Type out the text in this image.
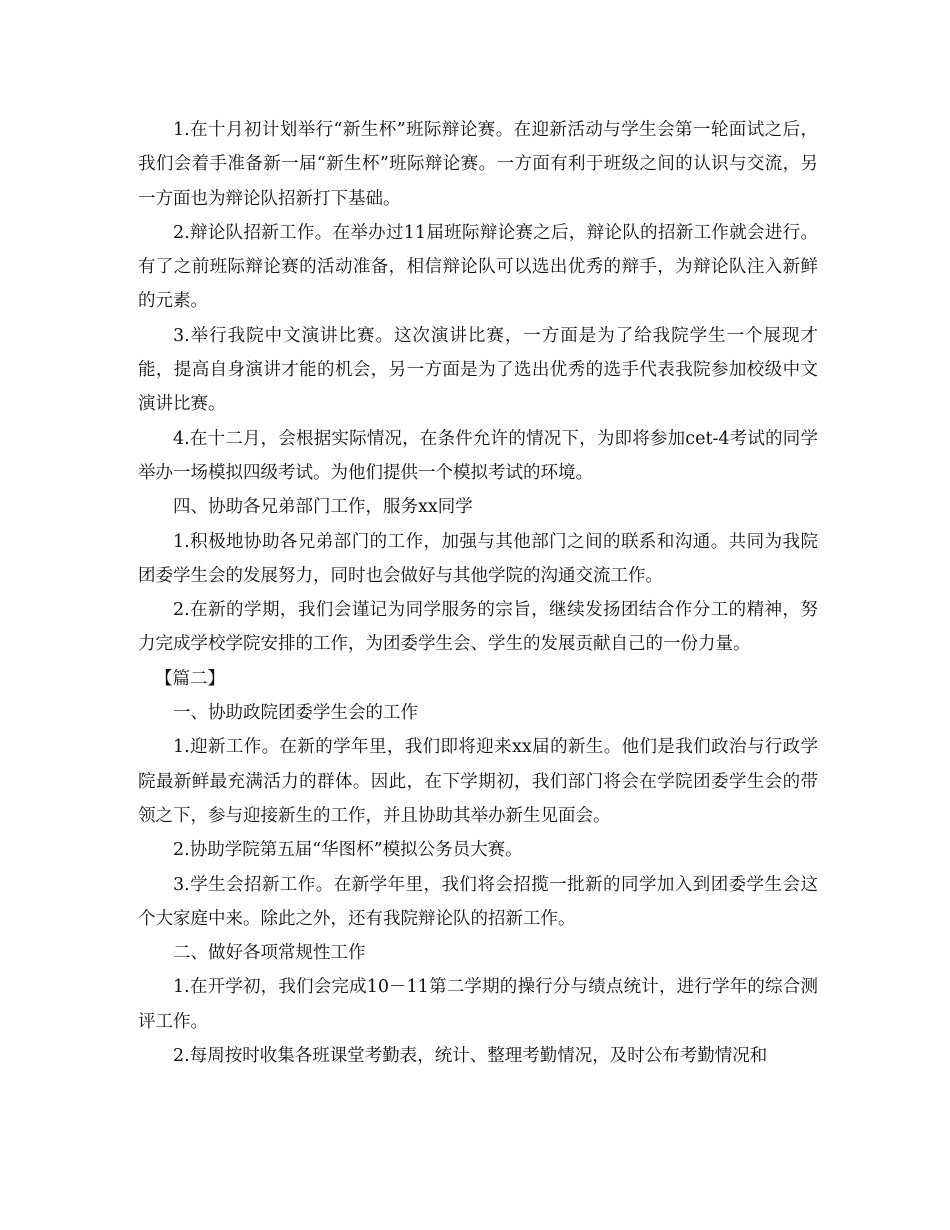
1.在十月初计划举行“新生杯”班际辩论赛。在迎新活动与学生会第一轮面试之后，我们会着手准备新一届“新生杯”班际辩论赛。一方面有利于班级之间的认识与交流，另一方面也为辩论队招新打下基础。

2.辩论队招新工作。在举办过11届班际辩论赛之后，辩论队的招新工作就会进行。有了之前班际辩论赛的活动准备，相信辩论队可以选出优秀的辩手，为辩论队注入新鲜的元素。

3.举行我院中文演讲比赛。这次演讲比赛，一方面是为了给我院学生一个展现才能，提高自身演讲才能的机会，另一方面是为了选出优秀的选手代表我院参加校级中文演讲比赛。

4.在十二月，会根据实际情况，在条件允许的情况下，为即将参加cet-4考试的同学举办一场模拟四级考试。为他们提供一个模拟考试的环境。

四、协助各兄弟部门工作，服务xx同学

1.积极地协助各兄弟部门的工作，加强与其他部门之间的联系和沟通。共同为我院团委学生会的发展努力，同时也会做好与其他学院的沟通交流工作。

2.在新的学期，我们会谨记为同学服务的宗旨，继续发扬团结合作分工的精神，努力完成学校学院安排的工作，为团委学生会、学生的发展贡献自己的一份力量。

【篇二】

一、协助政院团委学生会的工作

1.迎新工作。在新的学年里，我们即将迎来xx届的新生。他们是我们政治与行政学院最新鲜最充满活力的群体。因此，在下学期初，我们部门将会在学院团委学生会的带领之下，参与迎接新生的工作，并且协助其举办新生见面会。

2.协助学院第五届“华图杯”模拟公务员大赛。

3.学生会招新工作。在新学年里，我们将会招揽一批新的同学加入到团委学生会这个大家庭中来。除此之外，还有我院辩论队的招新工作。

二、做好各项常规性工作

1.在开学初，我们会完成10－11第二学期的操行分与绩点统计，进行学年的综合测评工作。

2.每周按时收集各班课堂考勤表，统计、整理考勤情况，及时公布考勤情况和
